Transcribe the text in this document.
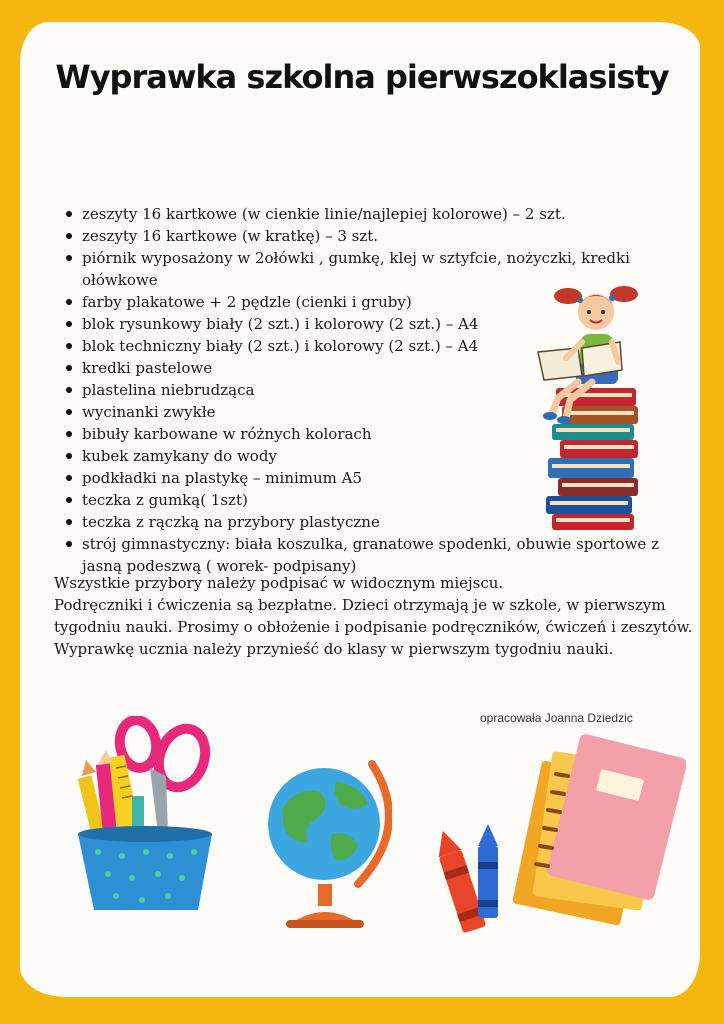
Wyprawka szkolna pierwszoklasisty
zeszyty 16 kartkowe (w cienkie linie/najlepiej kolorowe) – 2 szt.
zeszyty 16 kartkowe (w kratkę) – 3 szt.
piórnik wyposażony w 2ołówki , gumkę, klej w sztyfcie, nożyczki, kredki ołówkowe
farby plakatowe + 2 pędzle (cienki i gruby)
blok rysunkowy biały (2 szt.) i kolorowy (2 szt.) – A4
blok techniczny biały (2 szt.) i kolorowy (2 szt.) – A4
kredki pastelowe
plastelina niebrudząca
wycinanki zwykłe
bibuły karbowane w różnych kolorach
kubek zamykany do wody
podkładki na plastykę – minimum A5
teczka z gumką( 1szt)
teczka z rączką na przybory plastyczne
strój gimnastyczny: biała koszulka, granatowe spodenki, obuwie sportowe z jasną podeszwą ( worek- podpisany)

Wszystkie przybory należy podpisać w widocznym miejscu.

Podręczniki i ćwiczenia są bezpłatne. Dzieci otrzymają je w szkole, w pierwszym tygodniu nauki. Prosimy o obłożenie i podpisanie podręczników, ćwiczeń i zeszytów. Wyprawkę ucznia należy przynieść do klasy w pierwszym tygodniu nauki.

opracowała Joanna Dziedzic
